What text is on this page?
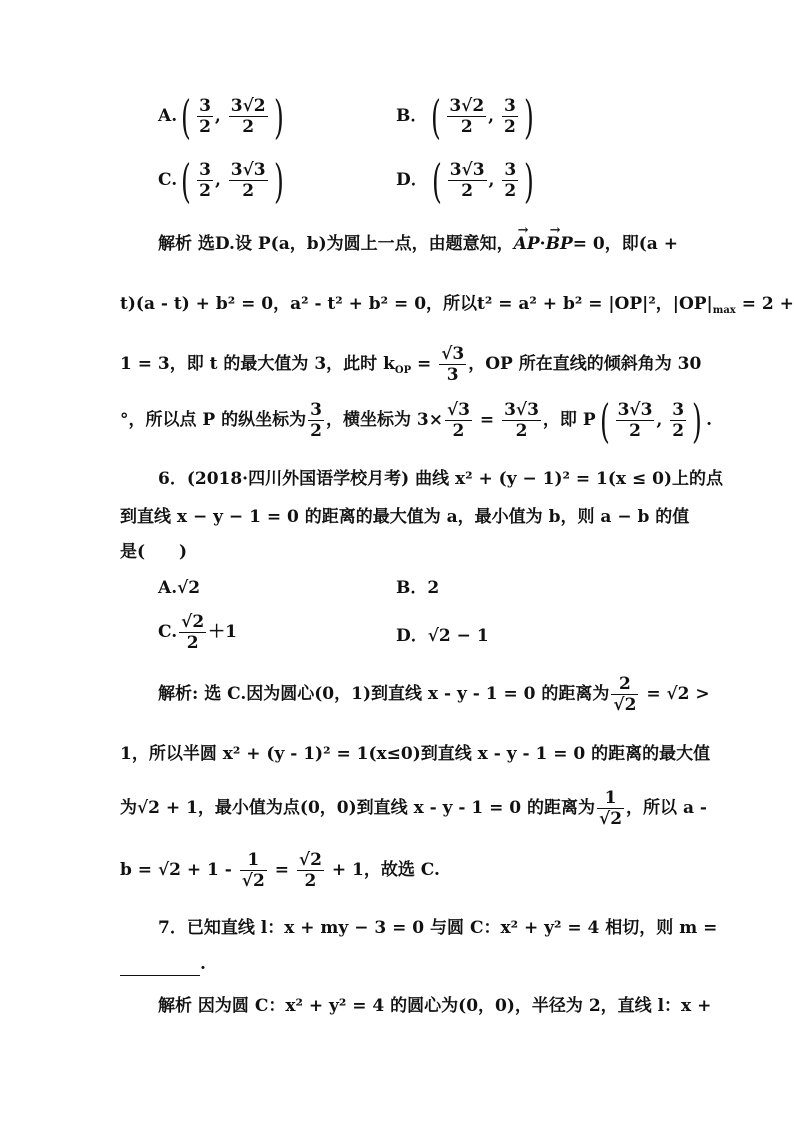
$A.( \frac{3}{2}$ , $\frac{3√2}{2}$ )	B．( $\frac{3√2}{2}$ , $\frac{3}{2}$ )
$C.( \frac{3}{2}$ , $\frac{3√3}{2}$ )	D．( $\frac{3√3}{2}$ , $\frac{3}{2}$ )
解析 选D.设 P(a，b)为圆上一点，由题意知，→ AP·→ BP= 0，即(a +
t)(a - t) + b² = 0，a² - t² + b² = 0，所以t² = a² + b² = |OP|²，$|OP|_{max} = 2$ +
1 = 3，即 t 的最大值为 3，此时 $k_{OP} = \frac{√3}{3}$ ，OP 所在直线的倾斜角为 30
°，所以点 P 的纵坐标为 $\frac{3}{2}$ ，横坐标为 $3\times \frac{√3}{2} = \frac{3√3}{2}$ ，即 $P( \frac{3√3}{2}$ , $\frac{3}{2}$ ) .
6．(2018·四川外国语学校月考) 曲线 x² + (y − 1)² = 1(x ≤ 0)上的点
到直线 x − y − 1 = 0 的距离的最大值为 a，最小值为 b，则 a − b 的值
是(　　)
A.√2	B．2
C. $\frac{√2}{2} +1$	D．√2 − 1
解析: 选 C.因为圆心(0，1)到直线 x - y - 1 = 0 的距离为 $\frac{2}{√2} = √2$ >
1，所以半圆 x² + (y - 1)² = 1(x≤0)到直线 x - y - 1 = 0 的距离的最大值
为√2 + 1，最小值为点(0，0)到直线 x - y - 1 = 0 的距离为 $\frac{1}{√2}$ ，所以 a -
$b = √2 + 1 - \frac{1}{√2} = \frac{√2}{2} + 1$，故选 C.
7．已知直线 l：x + my − 3 = 0 与圆 C：x² + y² = 4 相切，则 m =
.
解析 因为圆 C：x² + y² = 4 的圆心为(0，0)，半径为 2，直线 l：x +
